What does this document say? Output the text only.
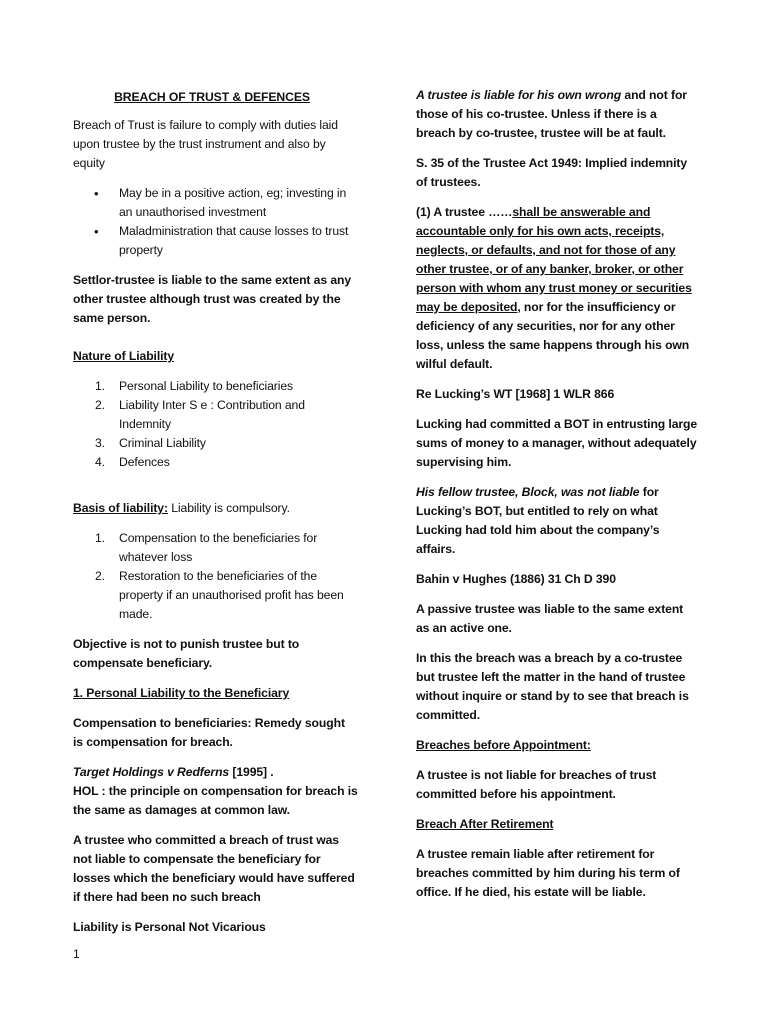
BREACH OF TRUST & DEFENCES

Breach of Trust is failure to comply with duties laid upon trustee by the trust instrument and also by equity

• May be in a positive action, eg; investing in an unauthorised investment
• Maladministration that cause losses to trust property

Settlor-trustee is liable to the same extent as any other trustee although trust was created by the same person.

Nature of Liability

1. Personal Liability to beneficiaries
2. Liability Inter S e : Contribution and Indemnity
3. Criminal Liability
4. Defences

Basis of liability: Liability is compulsory.

1. Compensation to the beneficiaries for whatever loss
2. Restoration to the beneficiaries of the property if an unauthorised profit has been made.

Objective is not to punish trustee but to compensate beneficiary.

1. Personal Liability to the Beneficiary

Compensation to beneficiaries: Remedy sought is compensation for breach.

Target Holdings v Redferns [1995] .
HOL : the principle on compensation for breach is the same as damages at common law.

A trustee who committed a breach of trust was not liable to compensate the beneficiary for losses which the beneficiary would have suffered if there had been no such breach

Liability is Personal Not Vicarious

A trustee is liable for his own wrong and not for those of his co-trustee. Unless if there is a breach by co-trustee, trustee will be at fault.

S. 35 of the Trustee Act 1949: Implied indemnity of trustees.

(1) A trustee ……shall be answerable and accountable only for his own acts, receipts, neglects, or defaults, and not for those of any other trustee, or of any banker, broker, or other person with whom any trust money or securities may be deposited, nor for the insufficiency or deficiency of any securities, nor for any other loss, unless the same happens through his own wilful default.

Re Lucking’s WT [1968] 1 WLR 866

Lucking had committed a BOT in entrusting large sums of money to a manager, without adequately supervising him.

His fellow trustee, Block, was not liable for Lucking’s BOT, but entitled to rely on what Lucking had told him about the company’s affairs.

Bahin v Hughes (1886) 31 Ch D 390

A passive trustee was liable to the same extent as an active one.

In this the breach was a breach by a co-trustee but trustee left the matter in the hand of trustee without inquire or stand by to see that breach is committed.

Breaches before Appointment:

A trustee is not liable for breaches of trust committed before his appointment.

Breach After Retirement

A trustee remain liable after retirement for breaches committed by him during his term of office. If he died, his estate will be liable.

1
